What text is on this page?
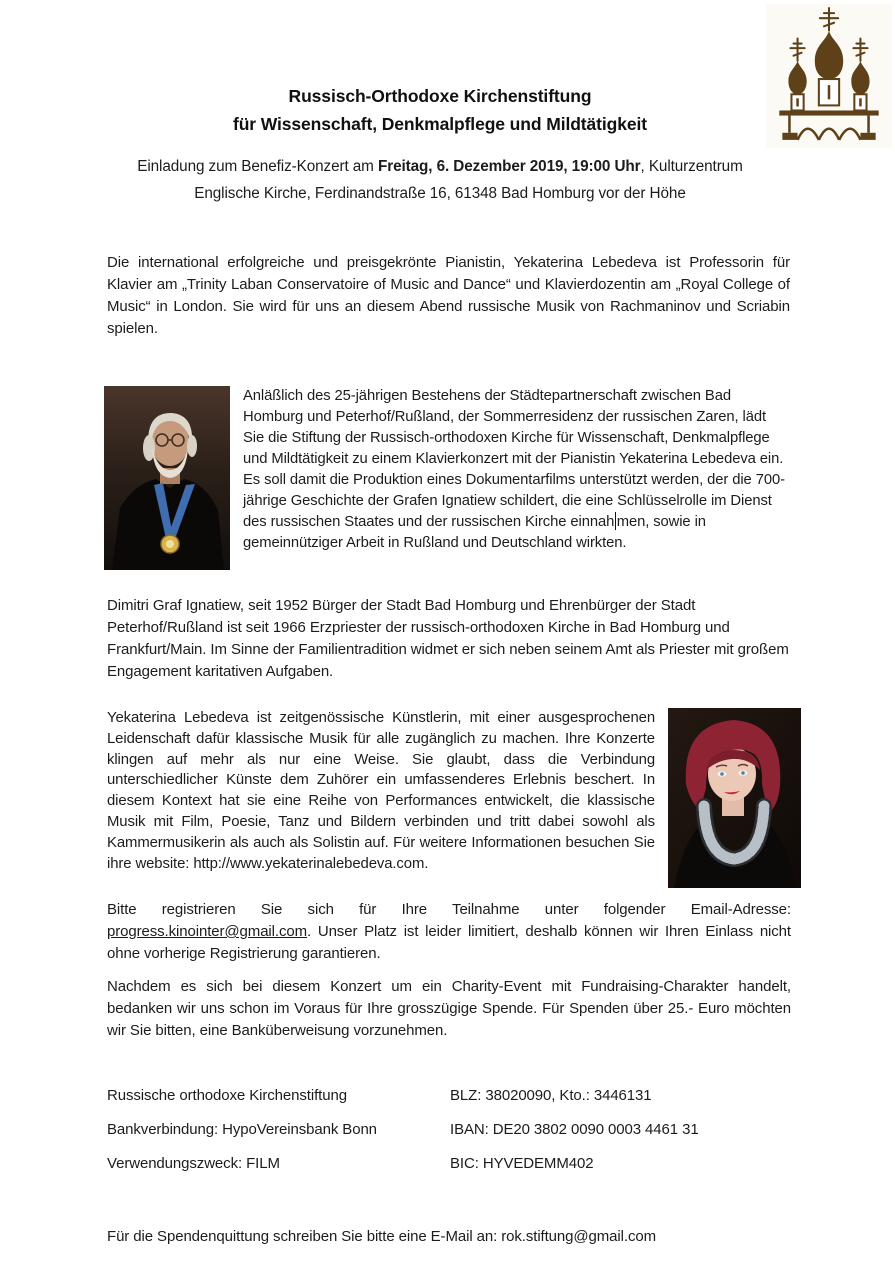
Russisch-Orthodoxe Kirchenstiftung
für Wissenschaft, Denkmalpflege und Mildtätigkeit
Einladung zum Benefiz-Konzert am Freitag, 6. Dezember 2019, 19:00 Uhr, Kulturzentrum
Englische Kirche, Ferdinandstraße 16, 61348 Bad Homburg vor der Höhe

Die international erfolgreiche und preisgekrönte Pianistin, Yekaterina Lebedeva ist Professorin für Klavier am „Trinity Laban Conservatoire of Music and Dance“ und Klavierdozentin am „Royal College of Music“ in London. Sie wird für uns an diesem Abend russische Musik von Rachmaninov und Scriabin spielen.

Anläßlich des 25-jährigen Bestehens der Städtepartnerschaft zwischen Bad Homburg und Peterhof/Rußland, der Sommerresidenz der russischen Zaren, lädt Sie die Stiftung der Russisch-orthodoxen Kirche für Wissenschaft, Denkmalpflege und Mildtätigkeit zu einem Klavierkonzert mit der Pianistin Yekaterina Lebedeva ein. Es soll damit die Produktion eines Dokumentarfilms unterstützt werden, der die 700-jährige Geschichte der Grafen Ignatiew schildert, die eine Schlüsselrolle im Dienst des russischen Staates und der russischen Kirche einnah men, sowie in gemeinnütziger Arbeit in Rußland und Deutschland wirkten.

Dimitri Graf Ignatiew, seit 1952 Bürger der Stadt Bad Homburg und Ehrenbürger der Stadt Peterhof/Rußland ist seit 1966 Erzpriester der russisch-orthodoxen Kirche in Bad Homburg und Frankfurt/Main. Im Sinne der Familientradition widmet er sich neben seinem Amt als Priester mit großem Engagement karitativen Aufgaben.

Yekaterina Lebedeva ist zeitgenössische Künstlerin, mit einer ausgesprochenen Leidenschaft dafür klassische Musik für alle zugänglich zu machen. Ihre Konzerte klingen auf mehr als nur eine Weise. Sie glaubt, dass die Verbindung unterschiedlicher Künste dem Zuhörer ein umfassenderes Erlebnis beschert. In diesem Kontext hat sie eine Reihe von Performances entwickelt, die klassische Musik mit Film, Poesie, Tanz und Bildern verbinden und tritt dabei sowohl als Kammermusikerin als auch als Solistin auf. Für weitere Informationen besuchen Sie ihre website: http://www.yekaterinalebedeva.com.

Bitte registrieren Sie sich für Ihre Teilnahme unter folgender Email-Adresse: progress.kinointer@gmail.com. Unser Platz ist leider limitiert, deshalb können wir Ihren Einlass nicht ohne vorherige Registrierung garantieren.

Nachdem es sich bei diesem Konzert um ein Charity-Event mit Fundraising-Charakter handelt, bedanken wir uns schon im Voraus für Ihre grosszügige Spende. Für Spenden über 25.- Euro möchten wir Sie bitten, eine Banküberweisung vorzunehmen.

Russische orthodoxe Kirchenstiftung	BLZ: 38020090, Kto.: 3446131
Bankverbindung: HypoVereinsbank Bonn	IBAN: DE20 3802 0090 0003 4461 31
Verwendungszweck: FILM	BIC: HYVEDEMM402

Für die Spendenquittung schreiben Sie bitte eine E-Mail an: rok.stiftung@gmail.com
